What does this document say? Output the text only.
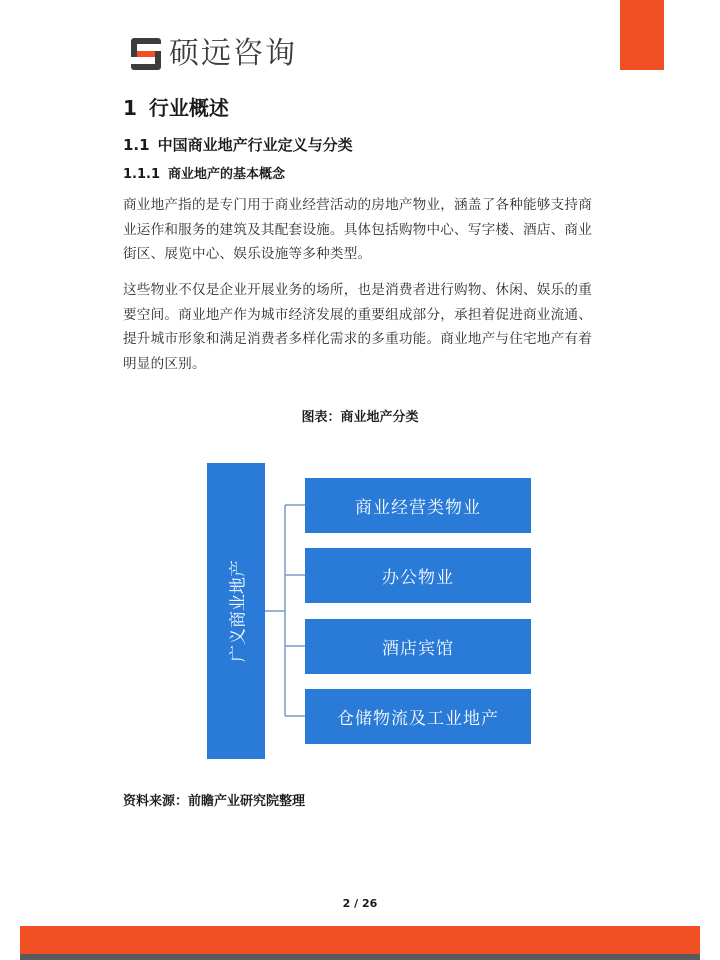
硕远咨询
1 行业概述
1.1 中国商业地产行业定义与分类
1.1.1 商业地产的基本概念

商业地产指的是专门用于商业经营活动的房地产物业，涵盖了各种能够支持商业运作和服务的建筑及其配套设施。具体包括购物中心、写字楼、酒店、商业街区、展览中心、娱乐设施等多种类型。

这些物业不仅是企业开展业务的场所，也是消费者进行购物、休闲、娱乐的重要空间。商业地产作为城市经济发展的重要组成部分，承担着促进商业流通、提升城市形象和满足消费者多样化需求的多重功能。商业地产与住宅地产有着明显的区别。

图表：商业地产分类
广义商业地产
商业经营类物业
办公物业
酒店宾馆
仓储物流及工业地产
资料来源：前瞻产业研究院整理
2 / 26
